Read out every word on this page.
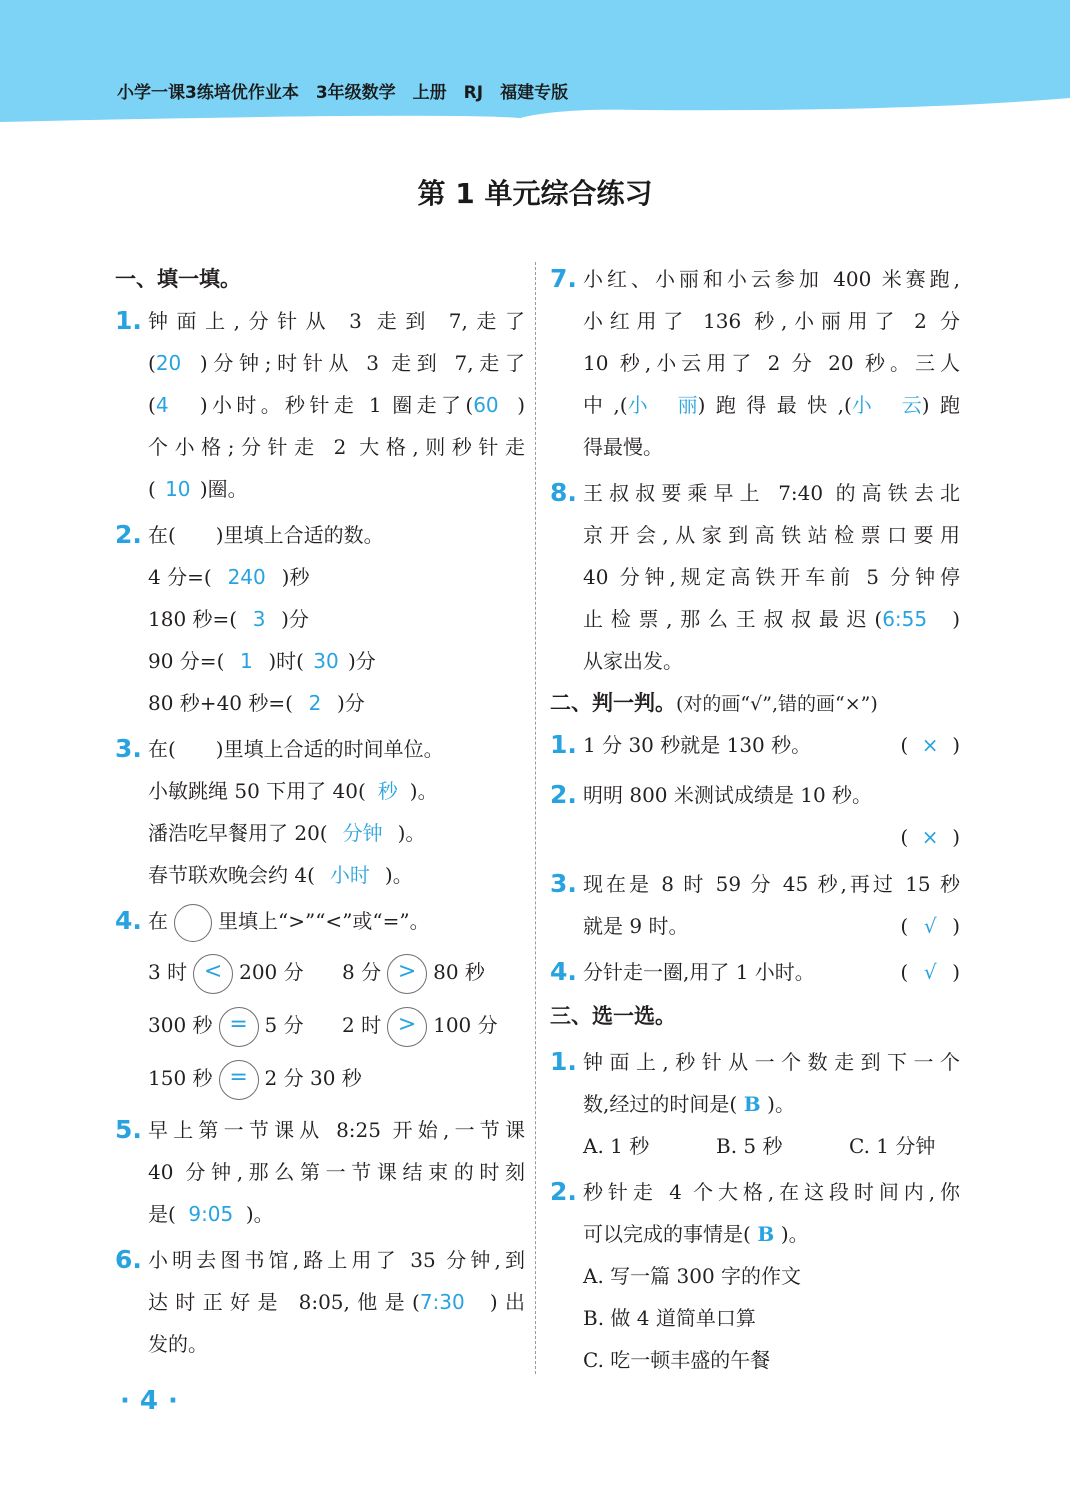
小学一课3练培优作业本　3年级数学　上册　RJ　福建专版
第 1 单元综合练习
一、填一填。
1. 钟面上,分针从 3 走到 7,走了
(20 )分钟;时针从 3 走到 7,走了
(4 )小时。秒针走 1 圈走了(60 )
个小格;分针走 2 大格,则秒针走
( 10 )圈。
2. 在(　　)里填上合适的数。
4 分=( 240 )秒
180 秒=( 3 )分
90 分=( 1 )时( 30 )分
80 秒+40 秒=( 2 )分
3. 在(　　)里填上合适的时间单位。
小敏跳绳 50 下用了 40( 秒 )。
潘浩吃早餐用了 20( 分钟 )。
春节联欢晚会约 4( 小时 )。
4. 在	里填上“>”“<”或“=”。
3 时 < 200 分 8 分 > 80 秒
300 秒 = 5 分 2 时 > 100 分
150 秒 = 2 分 30 秒
5. 早上第一节课从 8:25 开始,一节课
40 分钟,那么第一节课结束的时刻
是( 9:05 )。
6. 小明去图书馆,路上用了 35 分钟,到
达时正好是 8:05,他是(7:30 )出
发的。
7. 小红、小丽和小云参加 400 米赛跑,
小红用了 136 秒,小丽用了 2 分
10 秒,小云用了 2 分 20 秒。三人
中,(小丽)跑得最快,(小云)跑
得最慢。
8. 王叔叔要乘早上 7:40 的高铁去北
京开会,从家到高铁站检票口要用
40 分钟,规定高铁开车前 5 分钟停
止检票,那么王叔叔最迟(6:55 )
从家出发。
二、判一判。(对的画“√”,错的画“×”)
1. 1 分 30 秒就是 130 秒。	( × )
2. 明明 800 米测试成绩是 10 秒。
( × )
3. 现在是 8 时 59 分 45 秒,再过 15 秒
就是 9 时。	( √ )
4. 分针走一圈,用了 1 小时。	( √ )
三、选一选。
1. 钟面上,秒针从一个数走到下一个
数,经过的时间是( B )。
A. 1 秒	B. 5 秒	C. 1 分钟
2. 秒针走 4 个大格,在这段时间内,你
可以完成的事情是( B )。
A. 写一篇 300 字的作文
B. 做 4 道简单口算
C. 吃一顿丰盛的午餐
·4·
